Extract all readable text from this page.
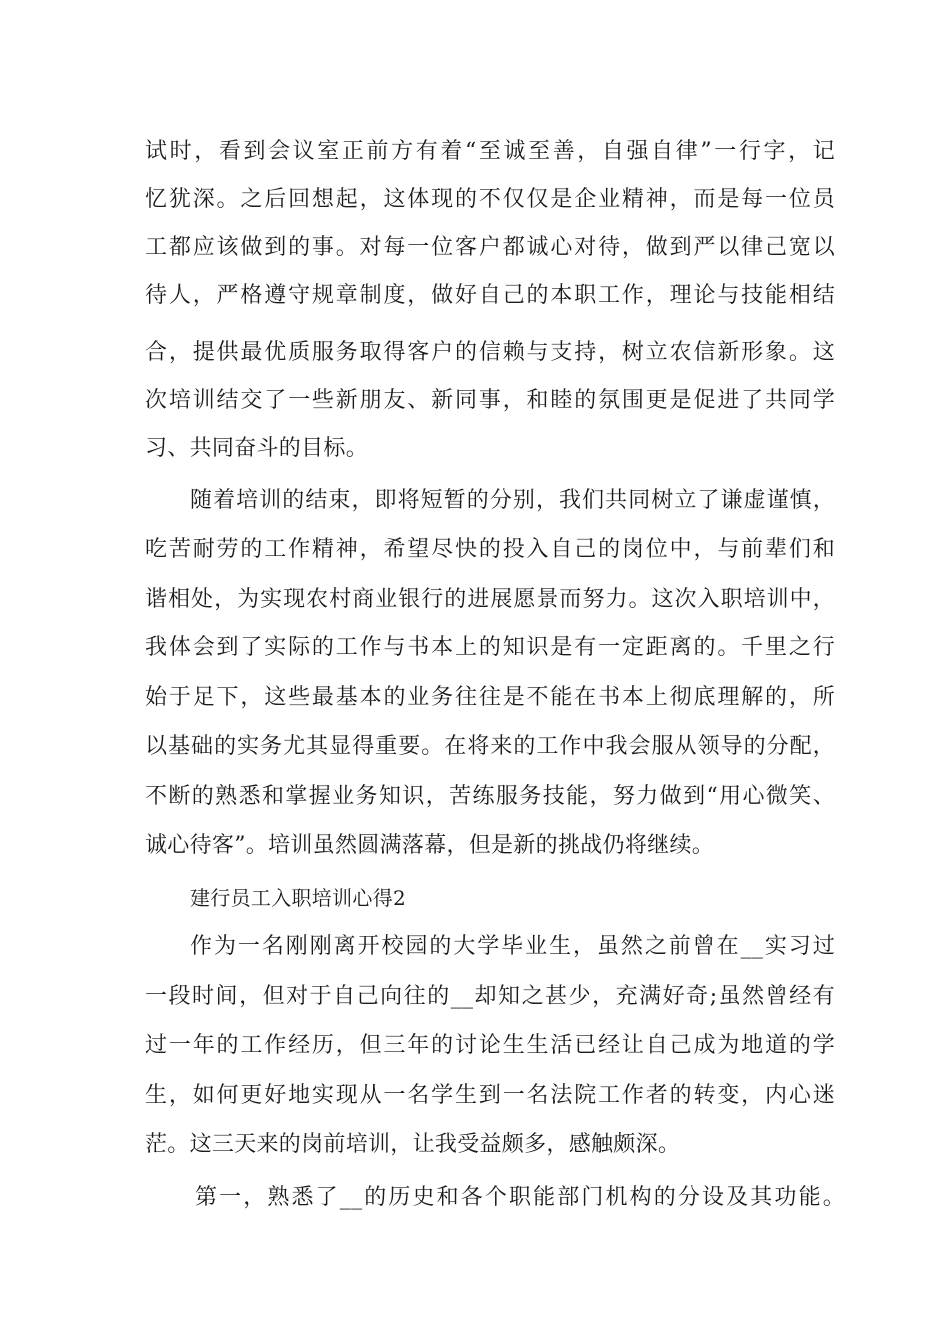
试时，看到会议室正前方有着“至诚至善，自强自律”一行字，记
忆犹深。之后回想起，这体现的不仅仅是企业精神，而是每一位员
工都应该做到的事。对每一位客户都诚心对待，做到严以律己宽以
待人，严格遵守规章制度，做好自己的本职工作，理论与技能相结
合，提供最优质服务取得客户的信赖与支持，树立农信新形象。这
次培训结交了一些新朋友、新同事，和睦的氛围更是促进了共同学
习、共同奋斗的目标。
随着培训的结束，即将短暂的分别，我们共同树立了谦虚谨慎，
吃苦耐劳的工作精神，希望尽快的投入自己的岗位中，与前辈们和
谐相处，为实现农村商业银行的进展愿景而努力。这次入职培训中，
我体会到了实际的工作与书本上的知识是有一定距离的。千里之行
始于足下，这些最基本的业务往往是不能在书本上彻底理解的，所
以基础的实务尤其显得重要。在将来的工作中我会服从领导的分配，
不断的熟悉和掌握业务知识，苦练服务技能，努力做到“用心微笑、
诚心待客”。培训虽然圆满落幕，但是新的挑战仍将继续。
建行员工入职培训心得2
作为一名刚刚离开校园的大学毕业生，虽然之前曾在__实习过
一段时间，但对于自己向往的__却知之甚少，充满好奇;虽然曾经有
过一年的工作经历，但三年的讨论生生活已经让自己成为地道的学
生，如何更好地实现从一名学生到一名法院工作者的转变，内心迷
茫。这三天来的岗前培训，让我受益颇多，感触颇深。
第一，熟悉了__的历史和各个职能部门机构的分设及其功能。
